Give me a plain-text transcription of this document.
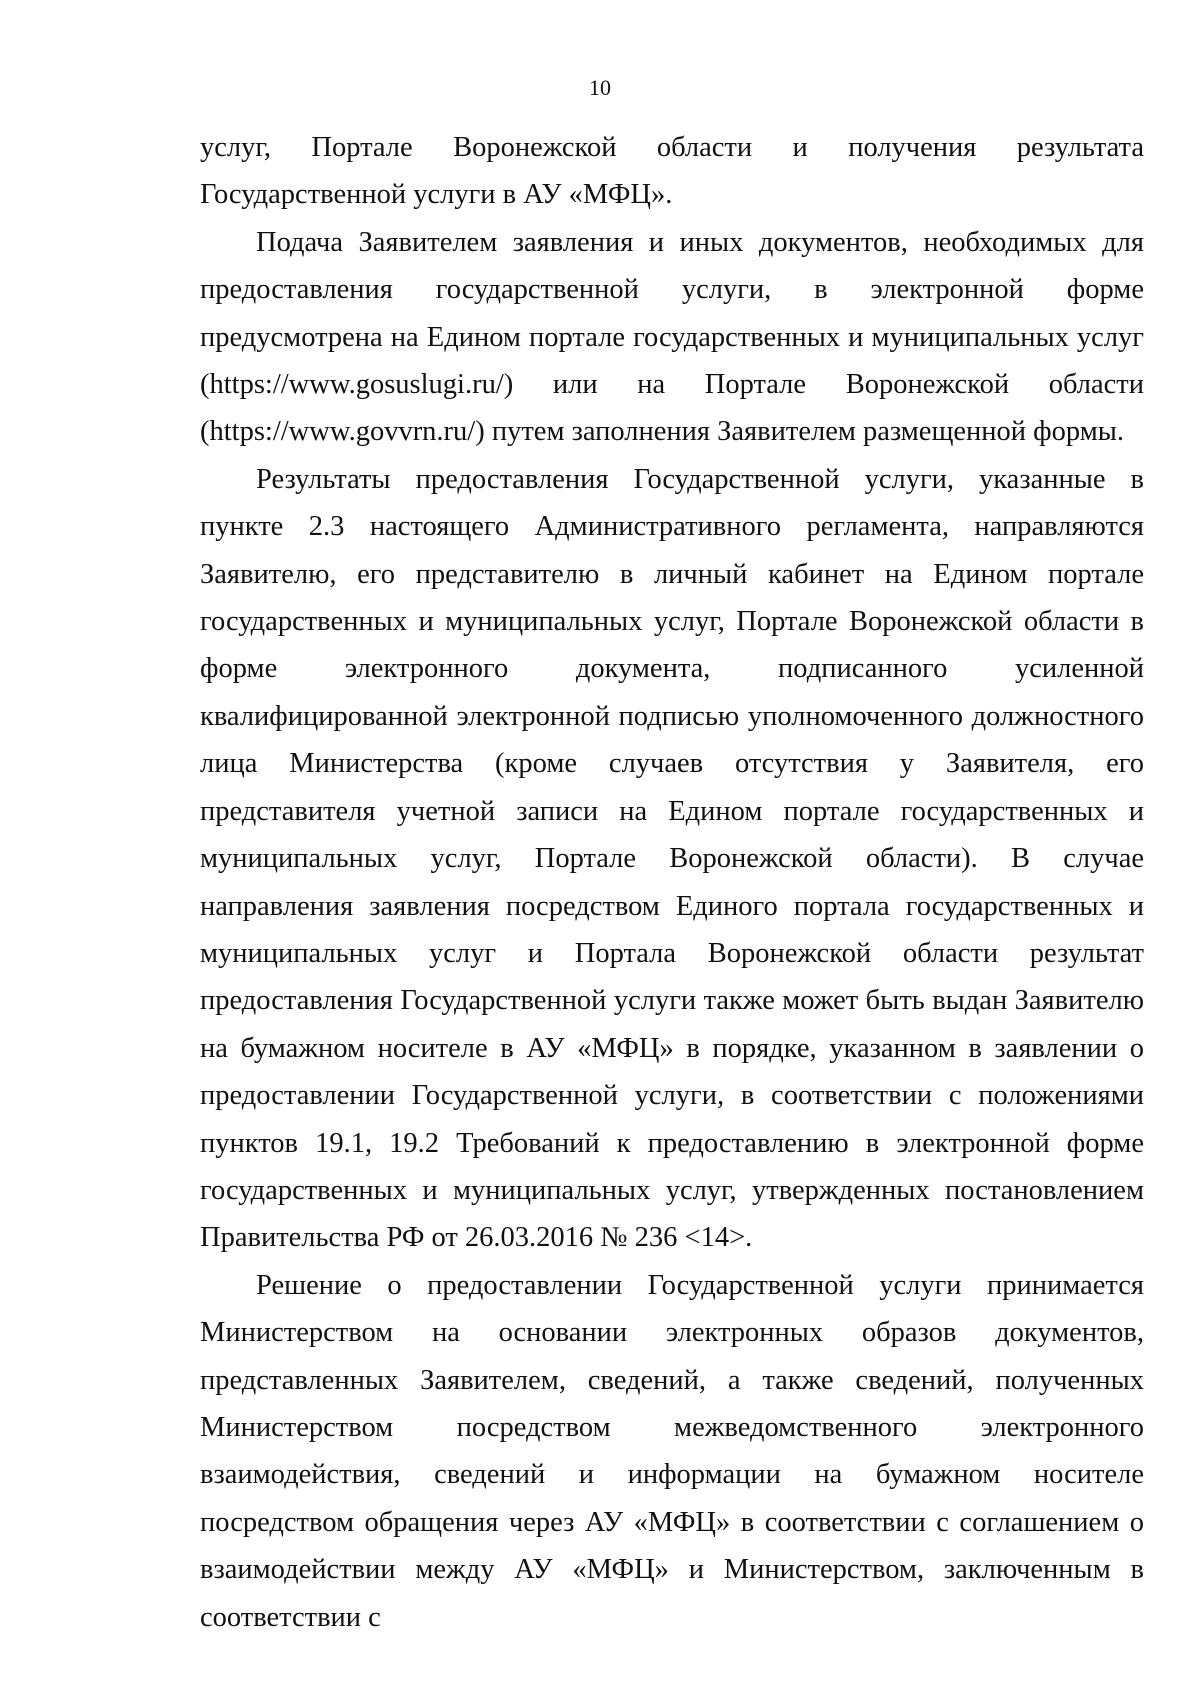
10

услуг, Портале Воронежской области и получения результата Государственной услуги в АУ «МФЦ».

Подача Заявителем заявления и иных документов, необходимых для предоставления государственной услуги, в электронной форме предусмотрена на Едином портале государственных и муниципальных услуг (https://www.gosuslugi.ru/) или на Портале Воронежской области (https://www.govvrn.ru/) путем заполнения Заявителем размещенной формы.

Результаты предоставления Государственной услуги, указанные в пункте 2.3 настоящего Административного регламента, направляются Заявителю, его представителю в личный кабинет на Едином портале государственных и муниципальных услуг, Портале Воронежской области в форме электронного документа, подписанного усиленной квалифицированной электронной подписью уполномоченного должностного лица Министерства (кроме случаев отсутствия у Заявителя, его представителя учетной записи на Едином портале государственных и муниципальных услуг, Портале Воронежской области). В случае направления заявления посредством Единого портала государственных и муниципальных услуг и Портала Воронежской области результат предоставления Государственной услуги также может быть выдан Заявителю на бумажном носителе в АУ «МФЦ» в порядке, указанном в заявлении о предоставлении Государственной услуги, в соответствии с положениями пунктов 19.1, 19.2 Требований к предоставлению в электронной форме государственных и муниципальных услуг, утвержденных постановлением Правительства РФ от 26.03.2016 № 236 <14>.

Решение о предоставлении Государственной услуги принимается Министерством на основании электронных образов документов, представленных Заявителем, сведений, а также сведений, полученных Министерством посредством межведомственного электронного взаимодействия, сведений и информации на бумажном носителе посредством обращения через АУ «МФЦ» в соответствии с соглашением о взаимодействии между АУ «МФЦ» и Министерством, заключенным в соответствии с
